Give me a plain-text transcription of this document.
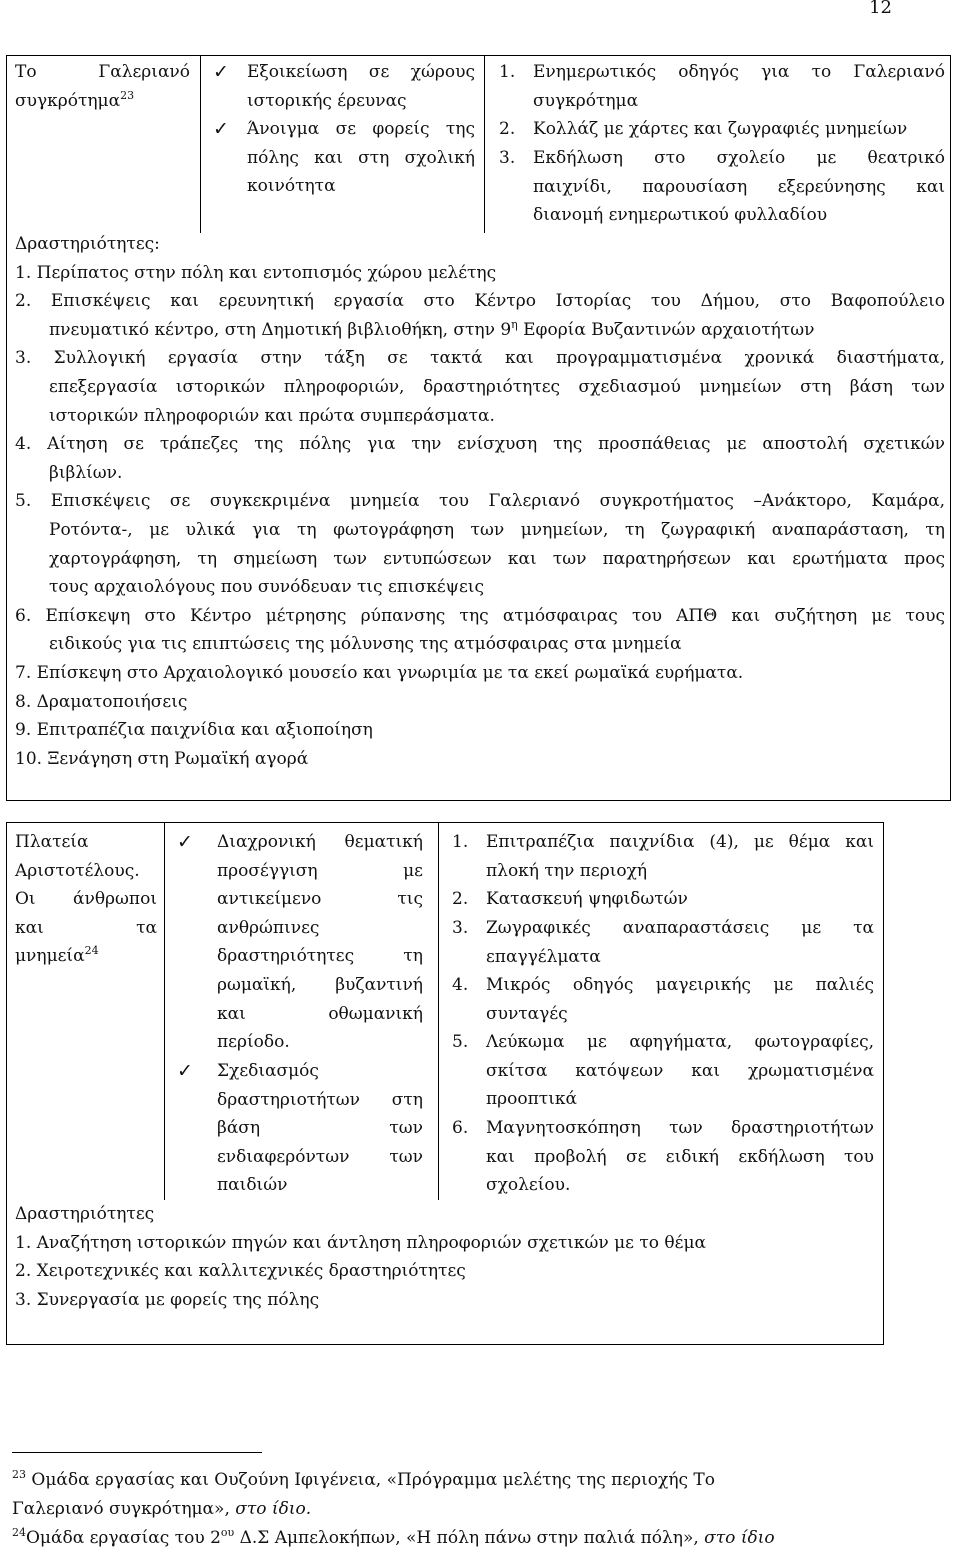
12
Το	Γαλεριανό
συγκρότημα$^{23}$
✓ Εξοικείωση σε χώρους
ιστορικής έρευνας
✓ Άνοιγμα σε φορείς της
πόλης και στη σχολική
κοινότητα
1. Ενημερωτικός οδηγός για το Γαλεριανό
συγκρότημα
2. Κολλάζ με χάρτες και ζωγραφιές μνημείων
3. Εκδήλωση στο σχολείο με θεατρικό
παιχνίδι, παρουσίαση εξερεύνησης και
διανομή ενημερωτικού φυλλαδίου
Δραστηριότητες:
1. Περίπατος στην πόλη και εντοπισμός χώρου μελέτης
2. Επισκέψεις και ερευνητική εργασία στο Κέντρο Ιστορίας του Δήμου, στο Βαφοπούλειο
πνευματικό κέντρο, στη Δημοτική βιβλιοθήκη, στην $9^\eta$ Εφορία Βυζαντινών αρχαιοτήτων
3. Συλλογική εργασία στην τάξη σε τακτά και προγραμματισμένα χρονικά διαστήματα,
επεξεργασία ιστορικών πληροφοριών, δραστηριότητες σχεδιασμού μνημείων στη βάση των
ιστορικών πληροφοριών και πρώτα συμπεράσματα.
4. Αίτηση σε τράπεζες της πόλης για την ενίσχυση της προσπάθειας με αποστολή σχετικών
βιβλίων.
5. Επισκέψεις σε συγκεκριμένα μνημεία του Γαλεριανό συγκροτήματος –Ανάκτορο, Καμάρα,
Ροτόντα-, με υλικά για τη φωτογράφηση των μνημείων, τη ζωγραφική αναπαράσταση, τη
χαρτογράφηση, τη σημείωση των εντυπώσεων και των παρατηρήσεων και ερωτήματα προς
τους αρχαιολόγους που συνόδευαν τις επισκέψεις
6. Επίσκεψη στο Κέντρο μέτρησης ρύπανσης της ατμόσφαιρας του ΑΠΘ και συζήτηση με τους
ειδικούς για τις επιπτώσεις της μόλυνσης της ατμόσφαιρας στα μνημεία
7. Επίσκεψη στο Αρχαιολογικό μουσείο και γνωριμία με τα εκεί ρωμαϊκά ευρήματα.
8. Δραματοποιήσεις
9. Επιτραπέζια παιχνίδια και αξιοποίηση
10. Ξενάγηση στη Ρωμαϊκή αγορά
Πλατεία
Αριστοτέλους.
Οι άνθρωποι
και τα
μνημεία$^{24}$
✓ Διαχρονική θεματική
προσέγγιση με
αντικείμενο τις
ανθρώπινες
δραστηριότητες τη
ρωμαϊκή, βυζαντινή
και οθωμανική
περίοδο.
✓ Σχεδιασμός
δραστηριοτήτων στη
βάση των
ενδιαφερόντων των
παιδιών
1. Επιτραπέζια παιχνίδια (4), με θέμα και
πλοκή την περιοχή
2. Κατασκευή ψηφιδωτών
3. Ζωγραφικές αναπαραστάσεις με τα
επαγγέλματα
4. Μικρός οδηγός μαγειρικής με παλιές
συνταγές
5. Λεύκωμα με αφηγήματα, φωτογραφίες,
σκίτσα κατόψεων και χρωματισμένα
προοπτικά
6. Μαγνητοσκόπηση των δραστηριοτήτων
και προβολή σε ειδική εκδήλωση του
σχολείου.
Δραστηριότητες
1. Αναζήτηση ιστορικών πηγών και άντληση πληροφοριών σχετικών με το θέμα
2. Χειροτεχνικές και καλλιτεχνικές δραστηριότητες
3. Συνεργασία με φορείς της πόλης
$^{23}$ Ομάδα εργασίας και Ουζούνη Ιφιγένεια, «Πρόγραμμα μελέτης της περιοχής Το
Γαλεριανό συγκρότημα», στο ίδιο.
$^{24}$Ομάδα εργασίας του $2^{o\upsilon}$ Δ.Σ Αμπελοκήπων, «Η πόλη πάνω στην παλιά πόλη», στο ίδιο
